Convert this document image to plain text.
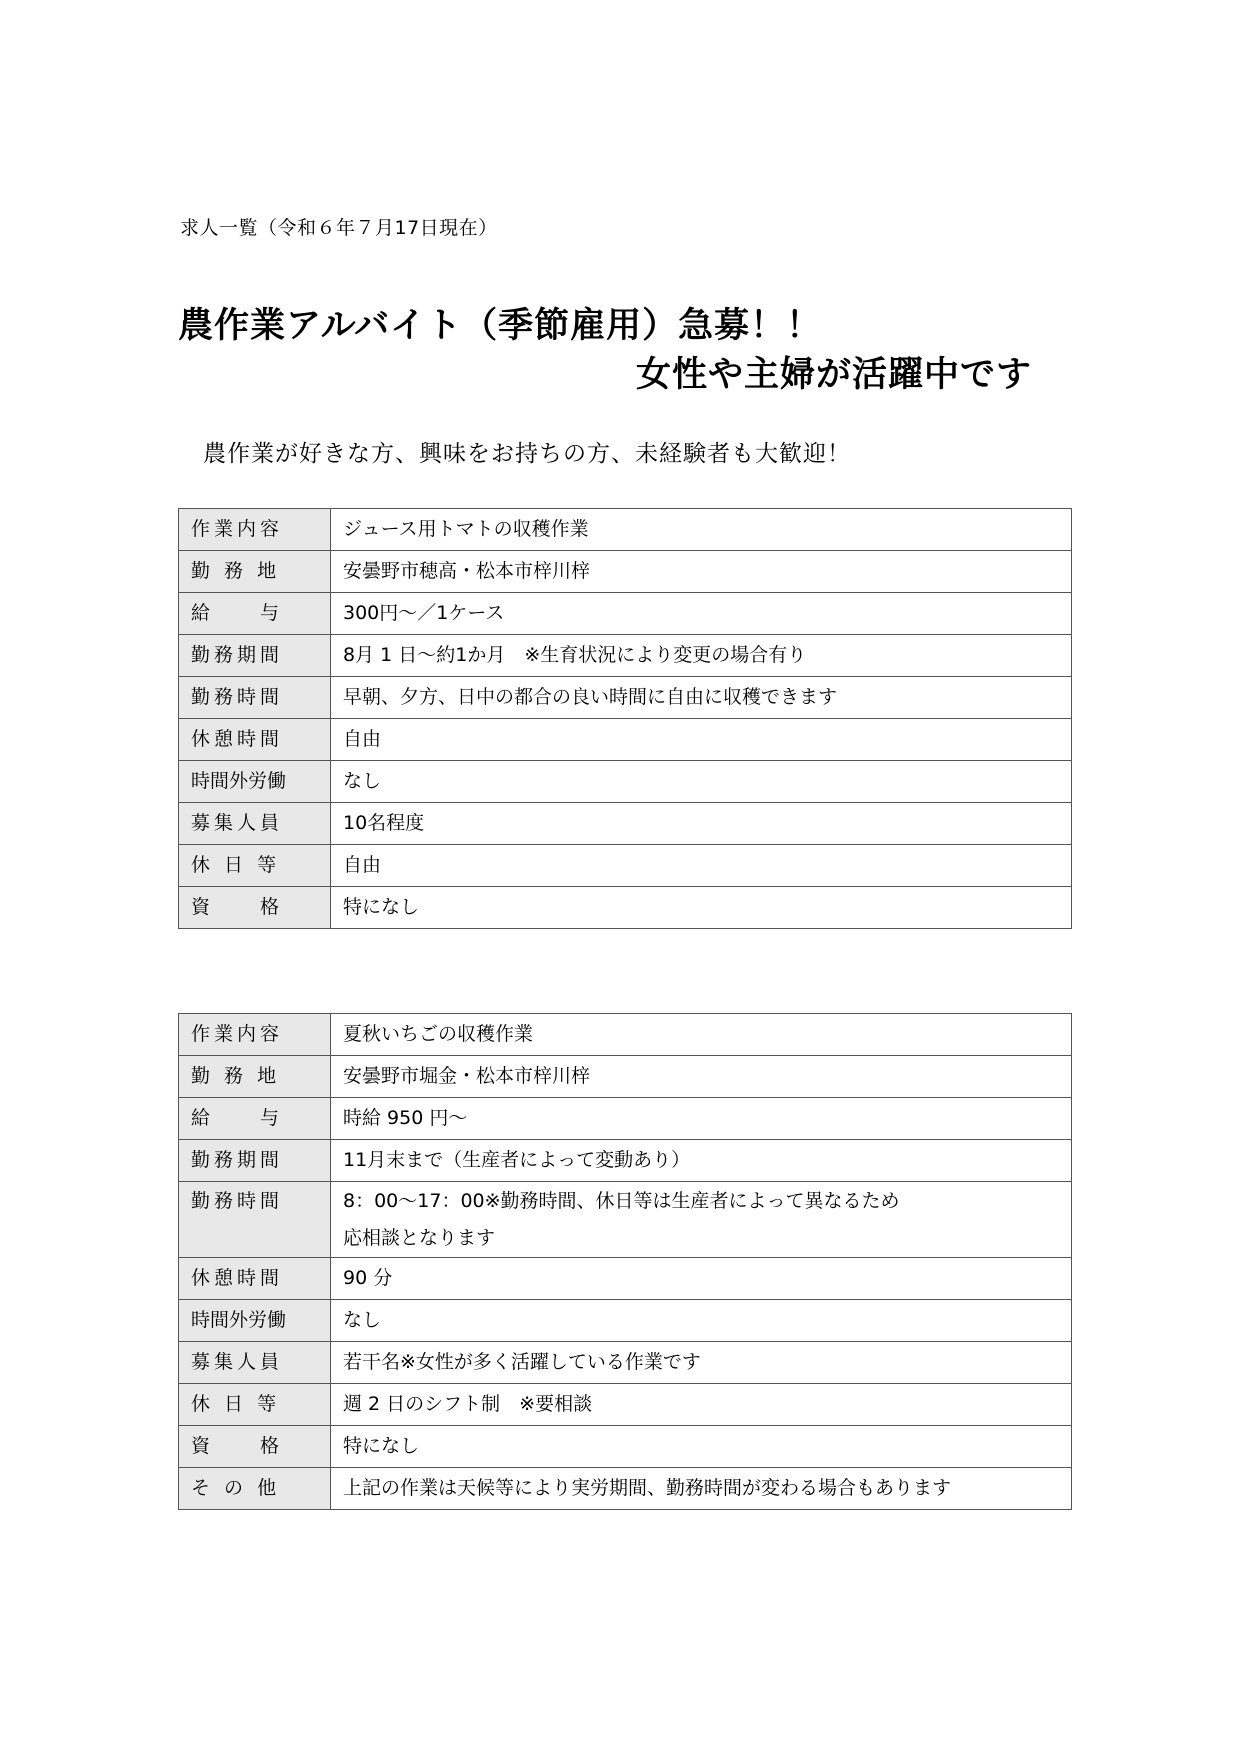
求人一覧（令和６年７月17日現在）
農作業アルバイト（季節雇用）急募！！
女性や主婦が活躍中です
農作業が好きな方、興味をお持ちの方、未経験者も大歓迎！
作業内容	ジュース用トマトの収穫作業
勤 務 地	安曇野市穂高・松本市梓川梓
給　　与	300円～／1ケース
勤務期間	8月 1 日～約1か月　※生育状況により変更の場合有り
勤務時間	早朝、夕方、日中の都合の良い時間に自由に収穫できます
休憩時間	自由
時間外労働	なし
募集人員	10名程度
休 日 等	自由
資　　格	特になし
作業内容	夏秋いちごの収穫作業
勤 務 地	安曇野市堀金・松本市梓川梓
給　　与	時給 950 円～
勤務期間	11月末まで（生産者によって変動あり）
勤務時間	8：00～17：00※勤務時間、休日等は生産者によって異なるため
応相談となります

休憩時間	90 分
時間外労働	なし
募集人員	若干名※女性が多く活躍している作業です
休 日 等	週 2 日のシフト制　※要相談
資　　格	特になし
そ の 他	上記の作業は天候等により実労期間、勤務時間が変わる場合もあります
